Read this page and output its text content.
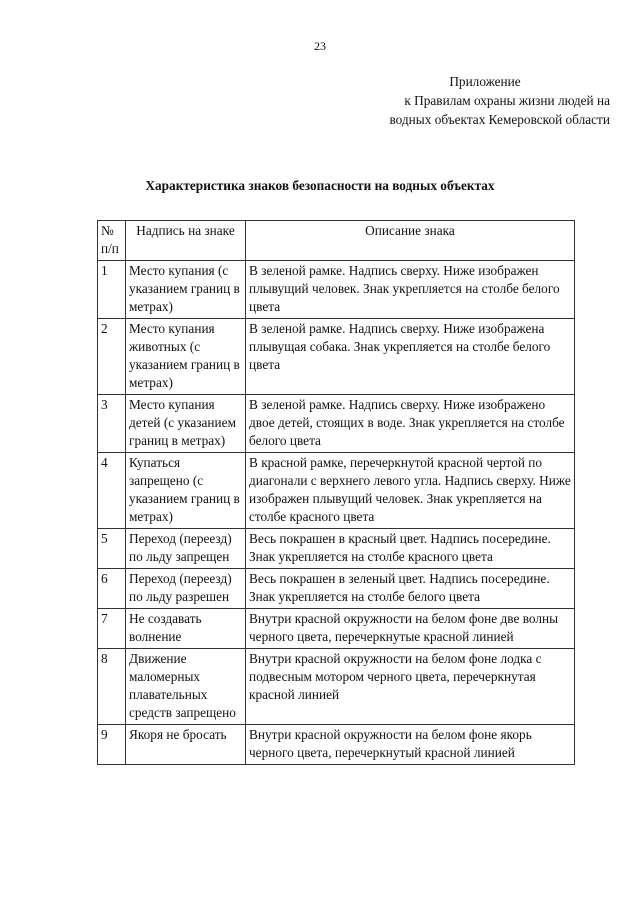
23
Приложение
к Правилам охраны жизни людей на
водных объектах Кемеровской области
Характеристика знаков безопасности на водных объектах
№ п/п	Надпись на знаке	Описание знака
1	Место купания (с указанием границ в метрах)	В зеленой рамке. Надпись сверху. Ниже изображен плывущий человек. Знак укрепляется на столбе белого цвета
2	Место купания животных (с указанием границ в метрах)	В зеленой рамке. Надпись сверху. Ниже изображена плывущая собака. Знак укрепляется на столбе белого цвета
3	Место купания детей (с указанием границ в метрах)	В зеленой рамке. Надпись сверху. Ниже изображено двое детей, стоящих в воде. Знак укрепляется на столбе белого цвета
4	Купаться запрещено (с указанием границ в метрах)	В красной рамке, перечеркнутой красной чертой по диагонали с верхнего левого угла. Надпись сверху. Ниже изображен плывущий человек. Знак укрепляется на столбе красного цвета
5	Переход (переезд) по льду запрещен	Весь покрашен в красный цвет. Надпись посередине. Знак укрепляется на столбе красного цвета
6	Переход (переезд) по льду разрешен	Весь покрашен в зеленый цвет. Надпись посередине. Знак укрепляется на столбе белого цвета
7	Не создавать волнение	Внутри красной окружности на белом фоне две волны черного цвета, перечеркнутые красной линией
8	Движение маломерных плавательных средств запрещено	Внутри красной окружности на белом фоне лодка с подвесным мотором черного цвета, перечеркнутая красной линией
9	Якоря не бросать	Внутри красной окружности на белом фоне якорь черного цвета, перечеркнутый красной линией
